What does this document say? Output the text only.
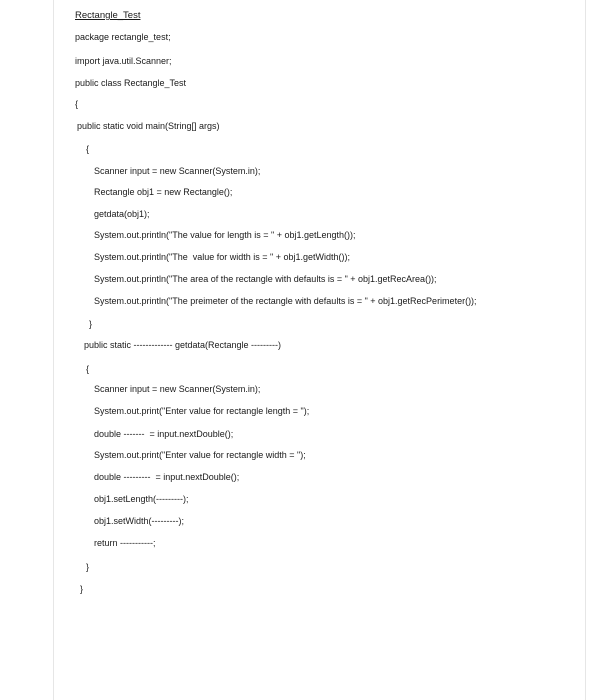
Rectangle_Test
package rectangle_test;
import java.util.Scanner;
public class Rectangle_Test
{
public static void main(String[] args)
{
Scanner input = new Scanner(System.in);
Rectangle obj1 = new Rectangle();
getdata(obj1);
System.out.println("The value for length is = " + obj1.getLength());
System.out.println("The  value for width is = " + obj1.getWidth());
System.out.println("The area of the rectangle with defaults is = " + obj1.getRecArea());
System.out.println("The preimeter of the rectangle with defaults is = " + obj1.getRecPerimeter());
}
public static ------------- getdata(Rectangle ---------)
{
Scanner input = new Scanner(System.in);
System.out.print("Enter value for rectangle length = ");
double -------  = input.nextDouble();
System.out.print("Enter value for rectangle width = ");
double ---------  = input.nextDouble();
obj1.setLength(---------);
obj1.setWidth(---------);
return -----------;
}
}
